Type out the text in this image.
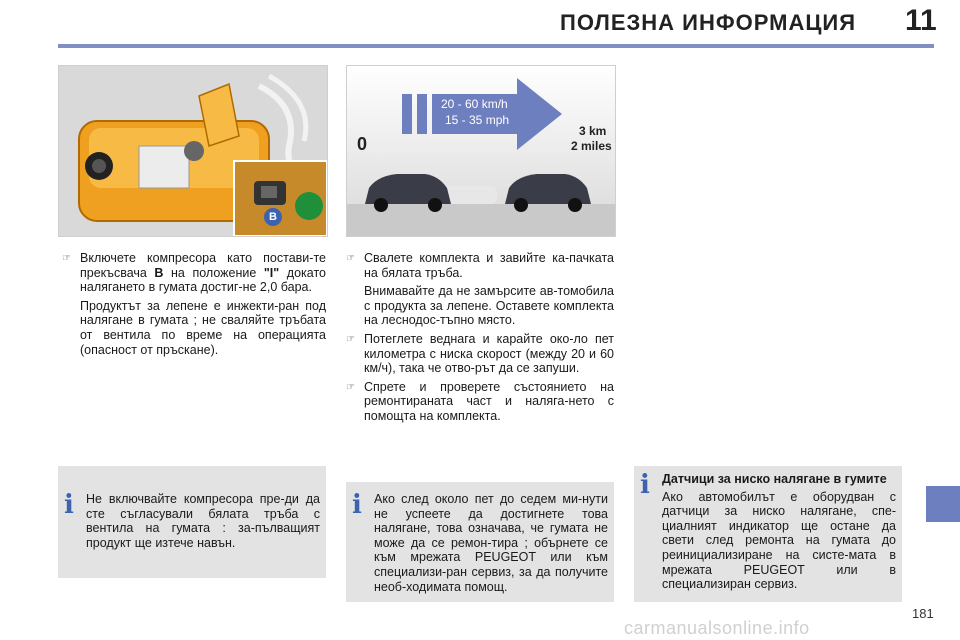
ПОЛЕЗНА ИНФОРМАЦИЯ 11
B
20 - 60 km/h
15 - 35 mph
0
3 km
2 miles
☞ Включете компресора като постави-те прекъсвача B на положение "I" докато налягането в гумата достиг-не 2,0 бара.
Продуктът за лепене е инжекти-ран под налягане в гумата ; не сваляйте тръбата от вентила по време на операцията (опасност от пръскане).
☞ Свалете комплекта и завийте ка-пачката на бялата тръба.
Внимавайте да не замърсите ав-томобила с продукта за лепене. Оставете комплекта на леснодос-тъпно място.
☞ Потеглете веднага и карайте око-ло пет километра с ниска скорост (между 20 и 60 км/ч), така че отво-рът да се запуши.
☞ Спрете и проверете състоянието на ремонтираната част и наляга-нето с помощта на комплекта.
i Не включвайте компресора пре-ди да сте съгласували бялата тръба с вентила на гумата : за-пълващият продукт ще изтече навън.
i Ако след около пет до седем ми-нути не успеете да достигнете това налягане, това означава, че гумата не може да се ремон-тира ; обърнете се към мрежата PEUGEOT или към специализи-ран сервиз, за да получите необ-ходимата помощ.
i Датчици за ниско налягане в гумите
Ако автомобилът е оборудван с датчици за ниско налягане, спе-циалният индикатор ще остане да свети след ремонта на гумата до реинициализиране на систе-мата в мрежата PEUGEOT или в специализиран сервиз.
181
carmanualsonline.info
